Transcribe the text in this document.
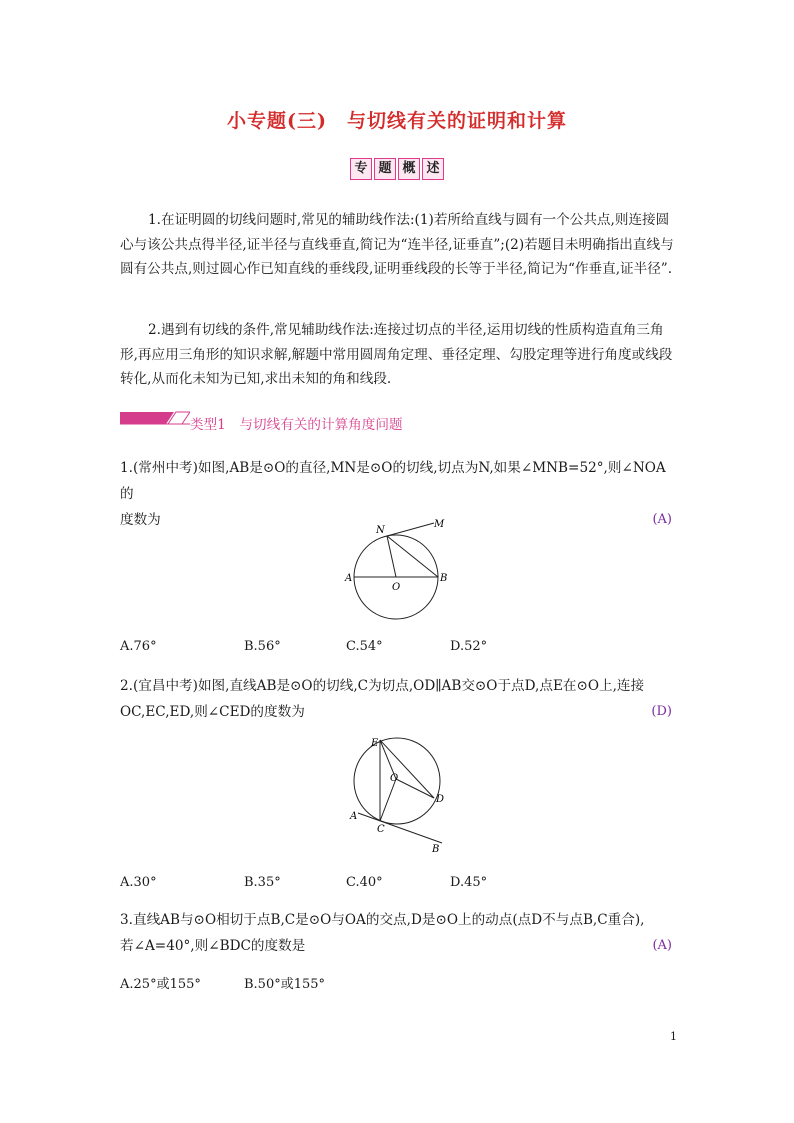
小专题(三)　与切线有关的证明和计算
专 题 概 述
1.在证明圆的切线问题时,常见的辅助线作法:(1)若所给直线与圆有一个公共点,则连接圆心与该公共点得半径,证半径与直线垂直,简记为“连半径,证垂直”;(2)若题目未明确指出直线与圆有公共点,则过圆心作已知直线的垂线段,证明垂线段的长等于半径,简记为“作垂直,证半径”.
2.遇到有切线的条件,常见辅助线作法:连接过切点的半径,运用切线的性质构造直角三角形,再应用三角形的知识求解,解题中常用圆周角定理、垂径定理、勾股定理等进行角度或线段转化,从而化未知为已知,求出未知的角和线段.
类型1　与切线有关的计算角度问题
1.(常州中考)如图,AB是⊙O的直径,MN是⊙O的切线,切点为N,如果∠MNB=52°,则∠NOA的
度数为	(A)
N
M
A
O
B
A.76°	B.56°	C.54°	D.52°
2.(宜昌中考)如图,直线AB是⊙O的切线,C为切点,OD∥AB交⊙O于点D,点E在⊙O上,连接
OC,EC,ED,则∠CED的度数为	(D)
E
O
D
A
C
B
A.30°	B.35°	C.40°	D.45°
3.直线AB与⊙O相切于点B,C是⊙O与OA的交点,D是⊙O上的动点(点D不与点B,C重合),
若∠A=40°,则∠BDC的度数是	(A)
A.25°或155°	B.50°或155°
1
